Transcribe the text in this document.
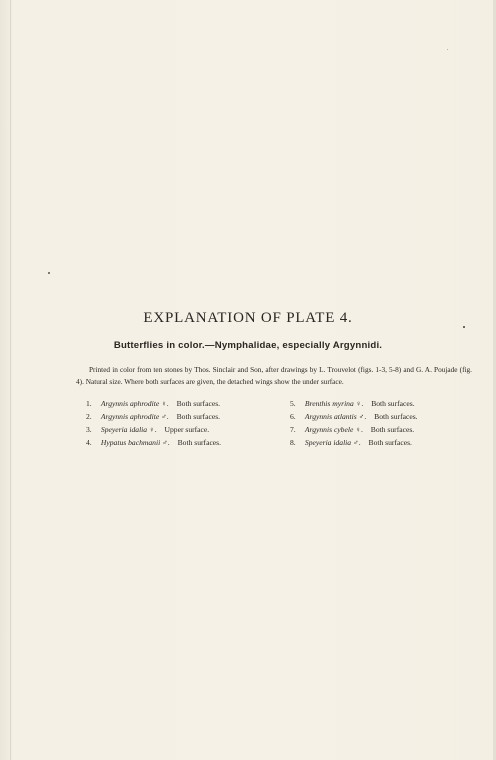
EXPLANATION OF PLATE 4.
Butterflies in color.—Nymphalidae, especially Argynnidi.

Printed in color from ten stones by Thos. Sinclair and Son, after drawings by L. Trouvelot (figs. 1-3, 5-8) and G. A. Poujade (fig. 4). Natural size. Where both surfaces are given, the detached wings show the under surface.

1. Argynnis aphrodite ♀. Both surfaces.
2. Argynnis aphrodite ♂. Both surfaces.
3. Speyeria idalia ♀. Upper surface.
4. Hypatus bachmanii ♂. Both surfaces.
5. Brenthis myrina ♀. Both surfaces.
6. Argynnis atlantis ♂. Both surfaces.
7. Argynnis cybele ♀. Both surfaces.
8. Speyeria idalia ♂. Both surfaces.
